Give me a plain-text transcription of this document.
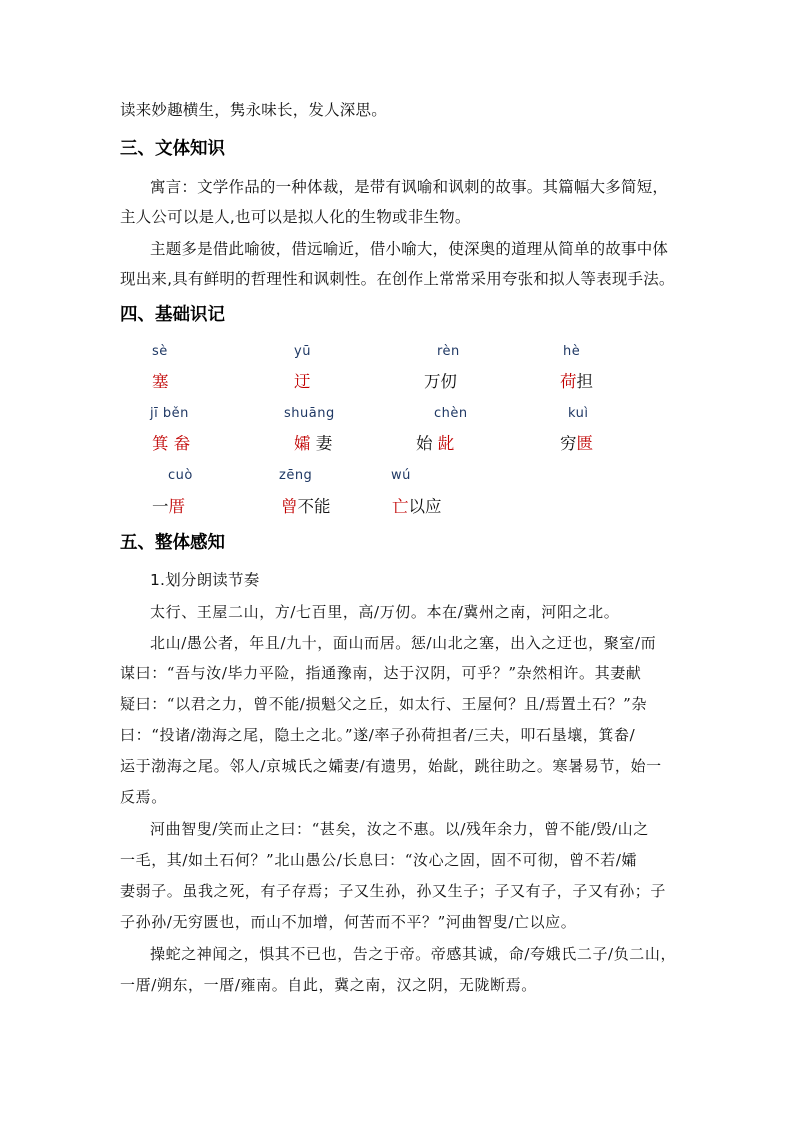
读来妙趣横生，隽永味长，发人深思。
三、文体知识
寓言：文学作品的一种体裁，是带有讽喻和讽刺的故事。其篇幅大多简短，
主人公可以是人,也可以是拟人化的生物或非生物。
主题多是借此喻彼，借远喻近，借小喻大，使深奥的道理从简单的故事中体
现出来,具有鲜明的哲理性和讽刺性。在创作上常常采用夸张和拟人等表现手法。
四、基础识记
sè	yū	rèn	hè
塞	迂	万仞	荷担
jī běn	shuāng	chèn	kuì
箕 畚	孀 妻	始 龀	穷匮
cuò	zēng	wú
一厝	曾不能	亡以应
五、整体感知
1.划分朗读节奏
太行、王屋二山，方/七百里，高/万仞。本在/冀州之南，河阳之北。
北山/愚公者，年且/九十，面山而居。惩/山北之塞，出入之迂也，聚室/而
谋曰：“吾与汝/毕力平险，指通豫南，达于汉阴，可乎？”杂然相许。其妻献
疑曰：“以君之力，曾不能/损魁父之丘，如太行、王屋何？且/焉置土石？”杂
曰：“投诸/渤海之尾，隐土之北。”遂/率子孙荷担者/三夫，叩石垦壤，箕畚/
运于渤海之尾。邻人/京城氏之孀妻/有遗男，始龀，跳往助之。寒暑易节，始一
反焉。
河曲智叟/笑而止之曰：“甚矣，汝之不惠。以/残年余力，曾不能/毁/山之
一毛，其/如土石何？”北山愚公/长息曰：“汝心之固，固不可彻，曾不若/孀
妻弱子。虽我之死，有子存焉；子又生孙，孙又生子；子又有子，子又有孙；子
子孙孙/无穷匮也，而山不加增，何苦而不平？”河曲智叟/亡以应。
操蛇之神闻之，惧其不已也，告之于帝。帝感其诚，命/夸娥氏二子/负二山，
一厝/朔东，一厝/雍南。自此，冀之南，汉之阴，无陇断焉。
